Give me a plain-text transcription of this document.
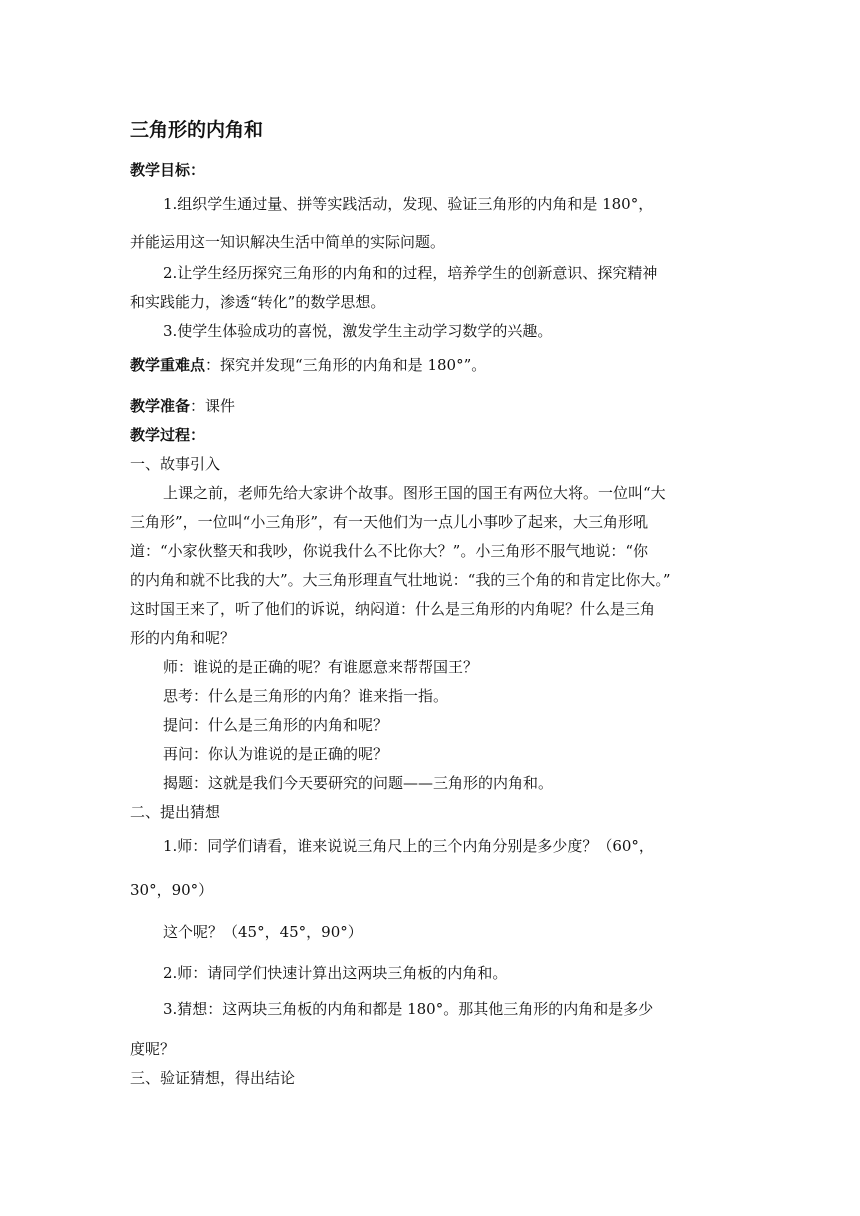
三角形的内角和
教学目标：
1.组织学生通过量、拼等实践活动，发现、验证三角形的内角和是 180°，
并能运用这一知识解决生活中简单的实际问题。
2.让学生经历探究三角形的内角和的过程，培养学生的创新意识、探究精神
和实践能力，渗透“转化”的数学思想。
3.使学生体验成功的喜悦，激发学生主动学习数学的兴趣。
教学重难点：探究并发现“三角形的内角和是 180°”。
教学准备：课件
教学过程：
一、故事引入
上课之前，老师先给大家讲个故事。图形王国的国王有两位大将。一位叫“大
三角形”，一位叫“小三角形”，有一天他们为一点儿小事吵了起来，大三角形吼
道：“小家伙整天和我吵，你说我什么不比你大？”。小三角形不服气地说：“你
的内角和就不比我的大”。大三角形理直气壮地说：“我的三个角的和肯定比你大。”
这时国王来了，听了他们的诉说，纳闷道：什么是三角形的内角呢？什么是三角
形的内角和呢？
师：谁说的是正确的呢？有谁愿意来帮帮国王？
思考：什么是三角形的内角？谁来指一指。
提问：什么是三角形的内角和呢？
再问：你认为谁说的是正确的呢？
揭题：这就是我们今天要研究的问题——三角形的内角和。
二、提出猜想
1.师：同学们请看，谁来说说三角尺上的三个内角分别是多少度？（60°，
30°，90°）
这个呢？（45°，45°，90°）
2.师：请同学们快速计算出这两块三角板的内角和。
3.猜想：这两块三角板的内角和都是 180°。那其他三角形的内角和是多少
度呢？
三、验证猜想，得出结论
